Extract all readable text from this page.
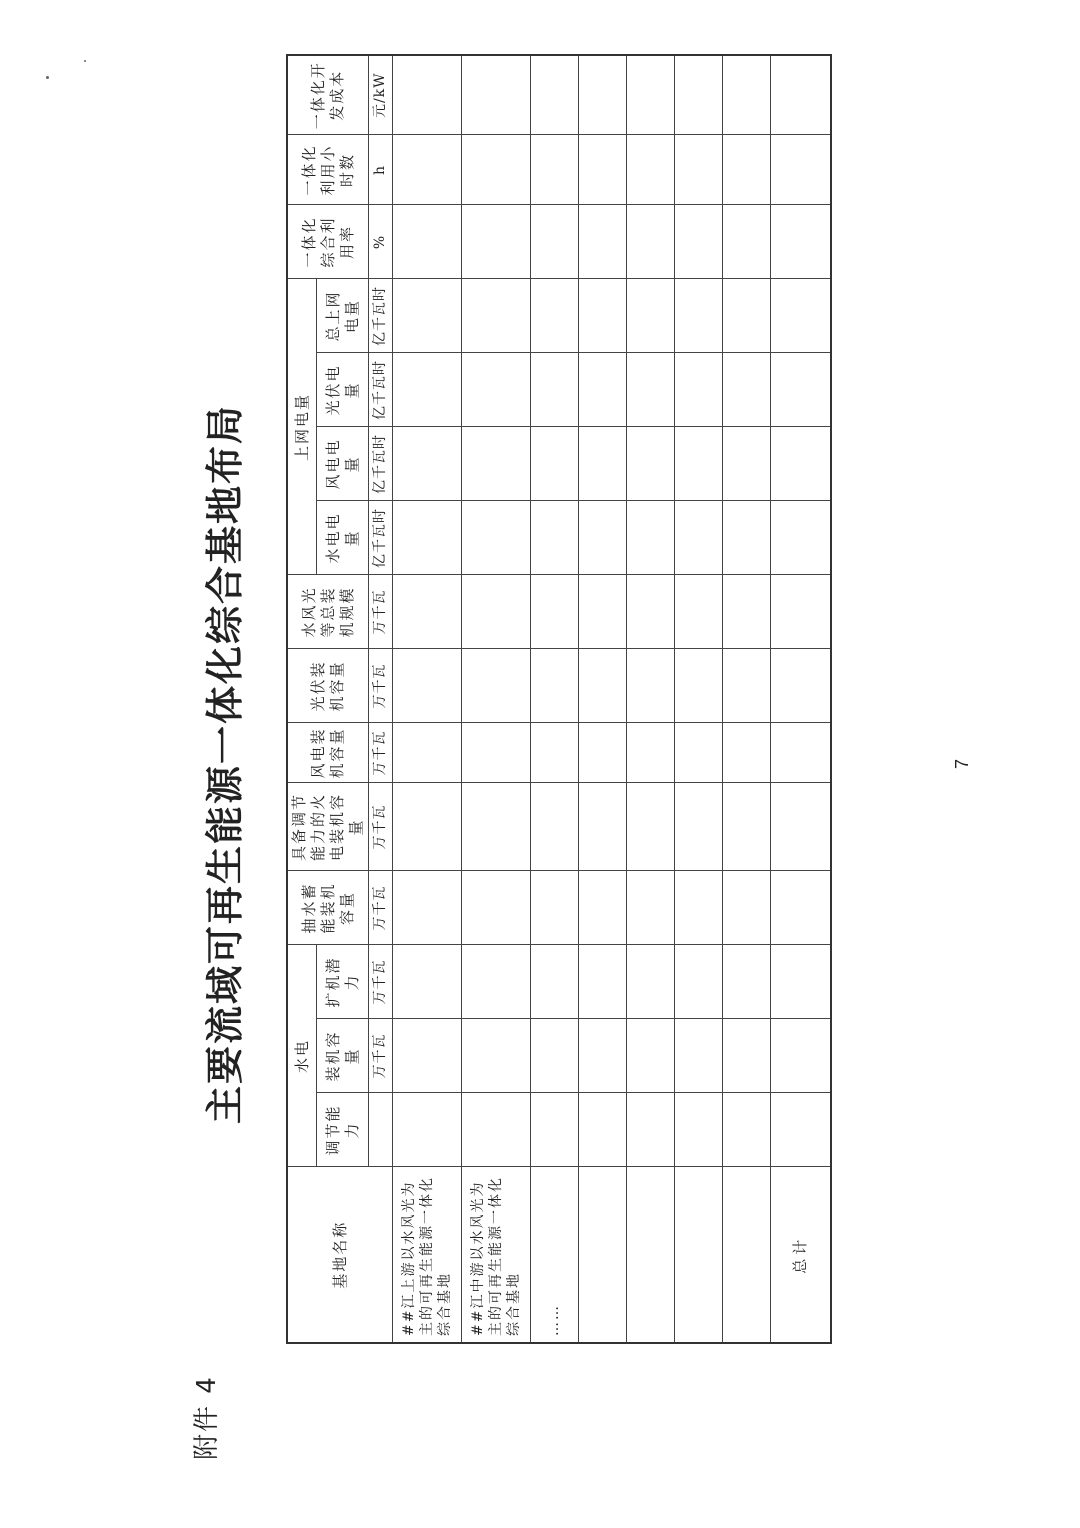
附件 4
主要流域可再生能源一体化综合基地布局
基地名称	水电			抽水蓄能装机容量	具备调节能力的火电装机容量	风电装机容量	光伏装机容量	水风光等总装机规模	上网电量				一体化综合利用率	一体化利用小时数	一体化开发成本
	调节能力	装机容量	扩机潜力						水电电量	风电电量	光伏电量	总上网电量			
		万千瓦	万千瓦	万千瓦	万千瓦	万千瓦	万千瓦	万千瓦	亿千瓦时	亿千瓦时	亿千瓦时	亿千瓦时	%	h	元/kW
##江上游以水风光为主的可再生能源一体化综合基地															
##江中游以水风光为主的可再生能源一体化综合基地															
……															

总计															
7
